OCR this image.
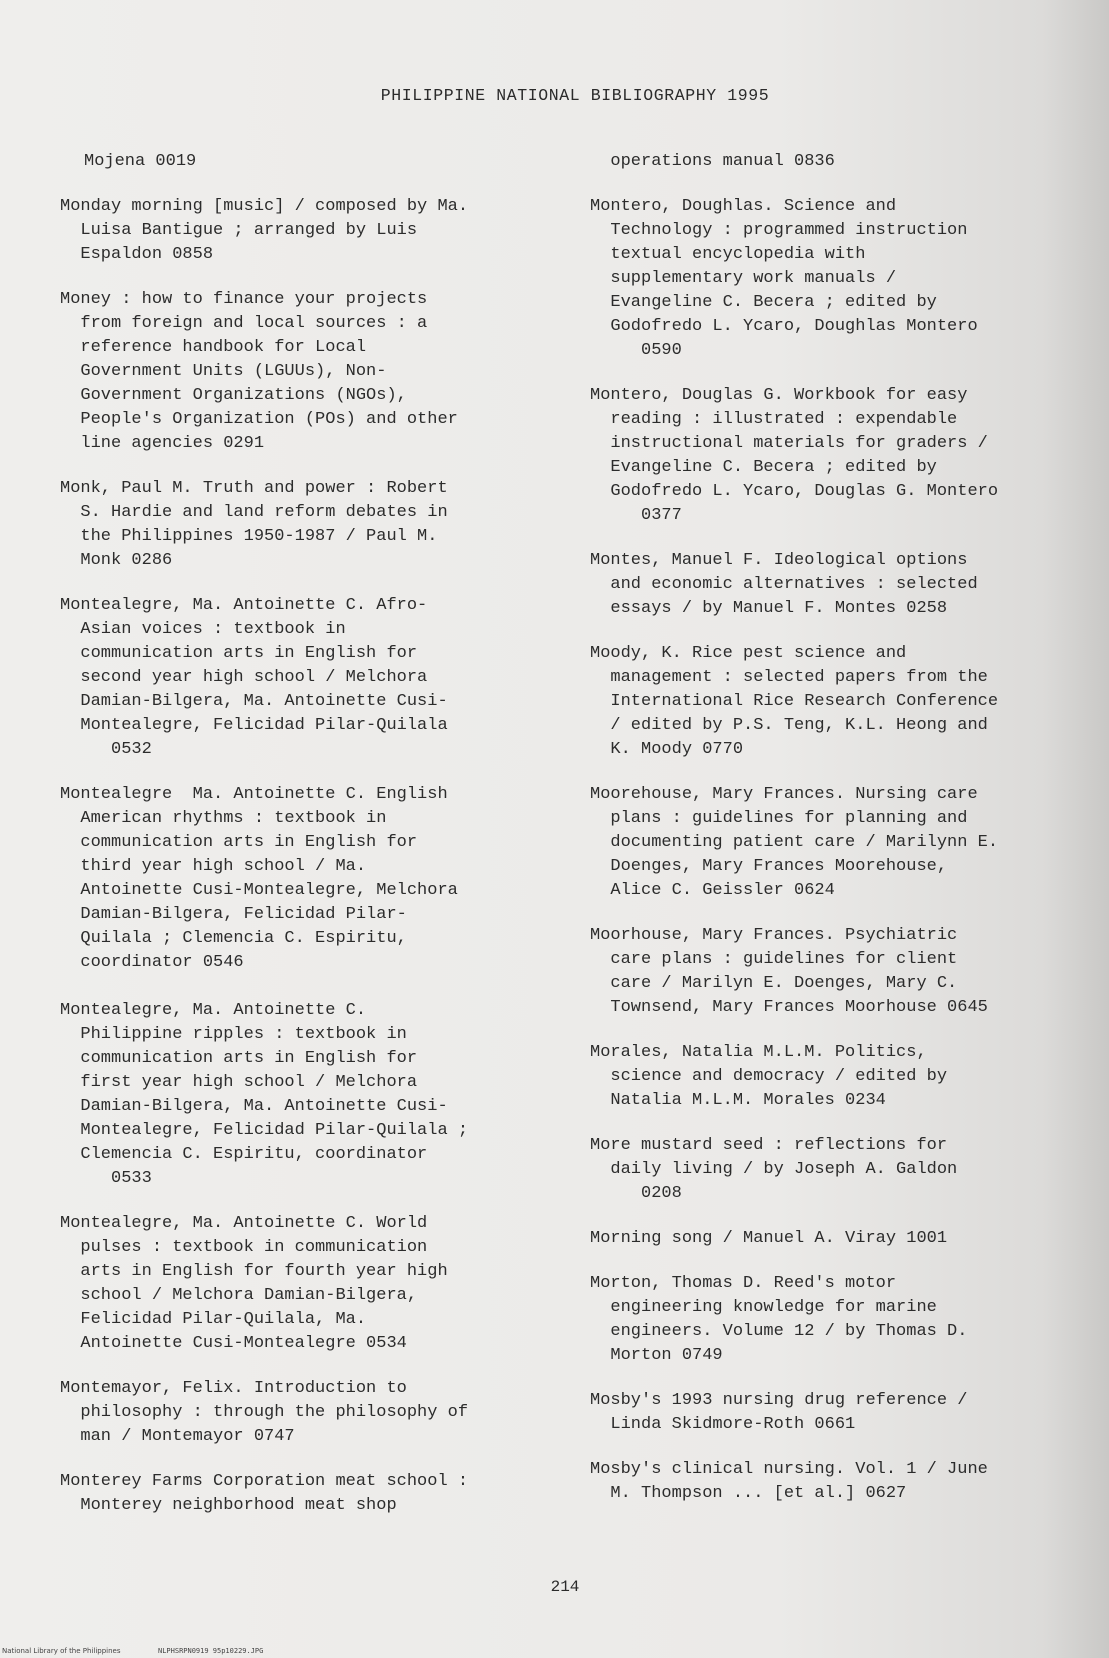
PHILIPPINE NATIONAL BIBLIOGRAPHY 1995

Mojena 0019

Monday morning [music] / composed by Ma.
Luisa Bantigue ; arranged by Luis
Espaldon 0858

Money : how to finance your projects
from foreign and local sources : a
reference handbook for Local
Government Units (LGUUs), Non-
Government Organizations (NGOs),
People's Organization (POs) and other
line agencies 0291

Monk, Paul M. Truth and power : Robert
S. Hardie and land reform debates in
the Philippines 1950-1987 / Paul M.
Monk 0286

Montealegre, Ma. Antoinette C. Afro-
Asian voices : textbook in
communication arts in English for
second year high school / Melchora
Damian-Bilgera, Ma. Antoinette Cusi-
Montealegre, Felicidad Pilar-Quilala
0532

Montealegre  Ma. Antoinette C. English
American rhythms : textbook in
communication arts in English for
third year high school / Ma.
Antoinette Cusi-Montealegre, Melchora
Damian-Bilgera, Felicidad Pilar-
Quilala ; Clemencia C. Espiritu,
coordinator 0546

Montealegre, Ma. Antoinette C.
Philippine ripples : textbook in
communication arts in English for
first year high school / Melchora
Damian-Bilgera, Ma. Antoinette Cusi-
Montealegre, Felicidad Pilar-Quilala ;
Clemencia C. Espiritu, coordinator
0533

Montealegre, Ma. Antoinette C. World
pulses : textbook in communication
arts in English for fourth year high
school / Melchora Damian-Bilgera,
Felicidad Pilar-Quilala, Ma.
Antoinette Cusi-Montealegre 0534

Montemayor, Felix. Introduction to
philosophy : through the philosophy of
man / Montemayor 0747

Monterey Farms Corporation meat school :
Monterey neighborhood meat shop

operations manual 0836

Montero, Doughlas. Science and
Technology : programmed instruction
textual encyclopedia with
supplementary work manuals /
Evangeline C. Becera ; edited by
Godofredo L. Ycaro, Doughlas Montero
0590

Montero, Douglas G. Workbook for easy
reading : illustrated : expendable
instructional materials for graders /
Evangeline C. Becera ; edited by
Godofredo L. Ycaro, Douglas G. Montero
0377

Montes, Manuel F. Ideological options
and economic alternatives : selected
essays / by Manuel F. Montes 0258

Moody, K. Rice pest science and
management : selected papers from the
International Rice Research Conference
/ edited by P.S. Teng, K.L. Heong and
K. Moody 0770

Moorehouse, Mary Frances. Nursing care
plans : guidelines for planning and
documenting patient care / Marilynn E.
Doenges, Mary Frances Moorehouse,
Alice C. Geissler 0624

Moorhouse, Mary Frances. Psychiatric
care plans : guidelines for client
care / Marilyn E. Doenges, Mary C.
Townsend, Mary Frances Moorhouse 0645

Morales, Natalia M.L.M. Politics,
science and democracy / edited by
Natalia M.L.M. Morales 0234

More mustard seed : reflections for
daily living / by Joseph A. Galdon
0208

Morning song / Manuel A. Viray 1001

Morton, Thomas D. Reed's motor
engineering knowledge for marine
engineers. Volume 12 / by Thomas D.
Morton 0749

Mosby's 1993 nursing drug reference /
Linda Skidmore-Roth 0661

Mosby's clinical nursing. Vol. 1 / June
M. Thompson ... [et al.] 0627

214
National Library of the Philippines	NLPHSRPN0919 95p10229.JPG
